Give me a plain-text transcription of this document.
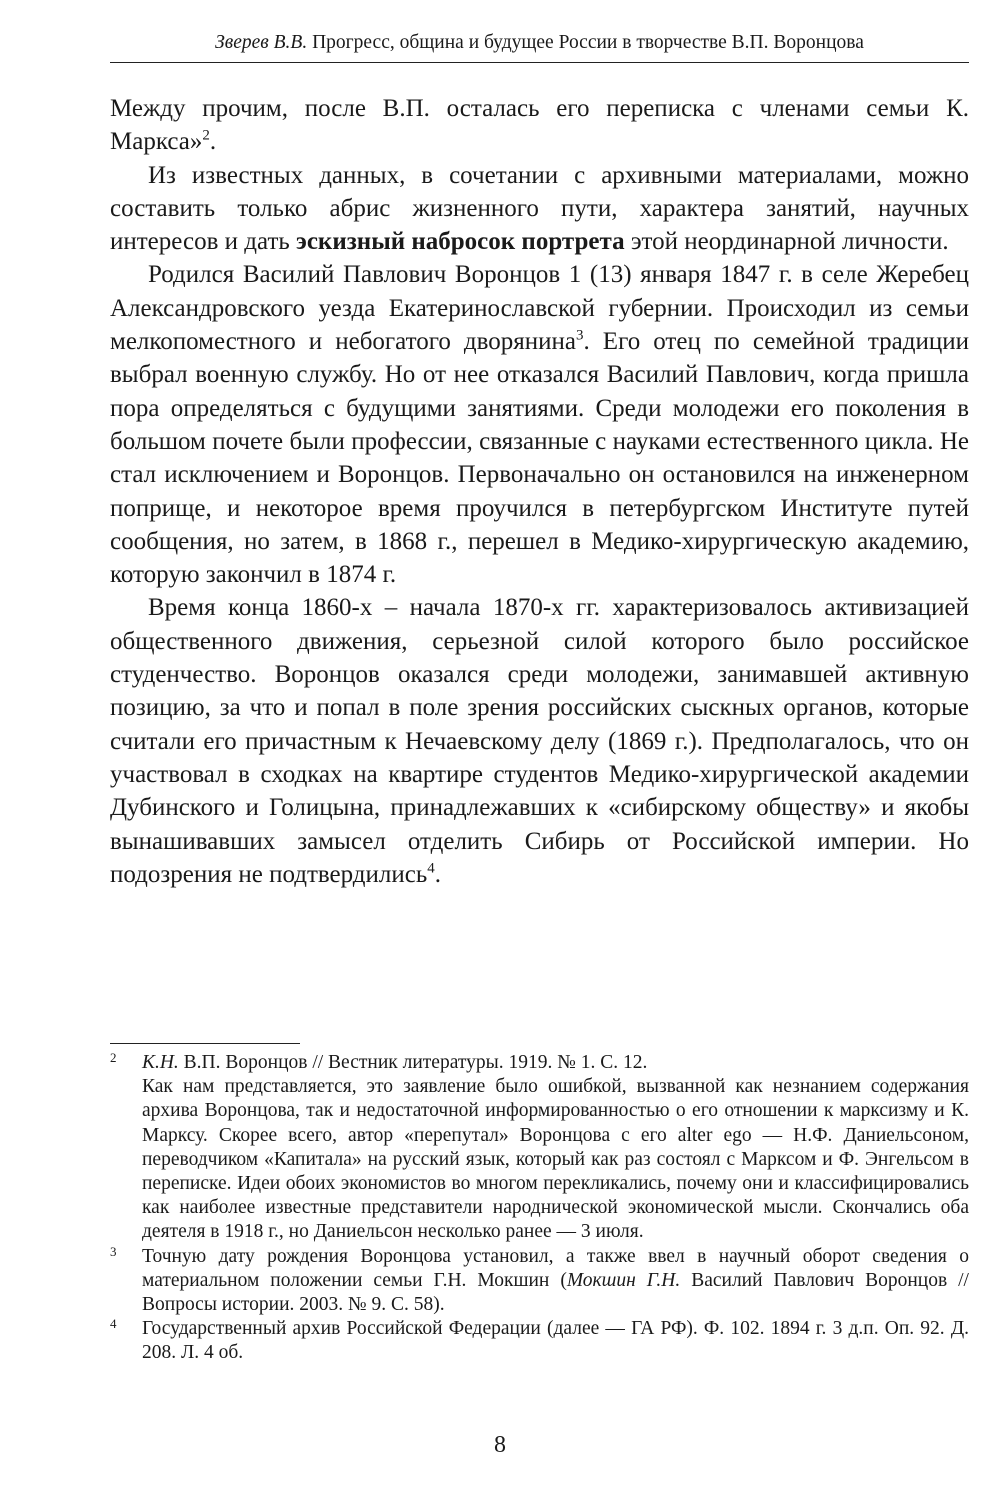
Зверев В.В. Прогресс, община и будущее России в творчестве В.П. Воронцова

Между прочим, после В.П. осталась его переписка с членами семьи К. Маркса»$^2$.

Из известных данных, в сочетании с архивными материалами, можно составить только абрис жизненного пути, характера занятий, научных интересов и дать эскизный набросок портрета этой неординарной личности.

Родился Василий Павлович Воронцов 1 (13) января 1847 г. в селе Жеребец Александровского уезда Екатеринославской губернии. Происходил из семьи мелкопоместного и небогатого дворянина$^3$. Его отец по семейной традиции выбрал военную службу. Но от нее отказался Василий Павлович, когда пришла пора определяться с будущими занятиями. Среди молодежи его поколения в большом почете были профессии, связанные с науками естественного цикла. Не стал исключением и Воронцов. Первоначально он остановился на инженерном поприще, и некоторое время проучился в петербургском Институте путей сообщения, но затем, в 1868 г., перешел в Медико-хирургическую академию, которую закончил в 1874 г.

Время конца 1860-х – начала 1870-х гг. характеризовалось активизацией общественного движения, серьезной силой которого было российское студенчество. Воронцов оказался среди молодежи, занимавшей активную позицию, за что и попал в поле зрения российских сыскных органов, которые считали его причастным к Нечаевскому делу (1869 г.). Предполагалось, что он участвовал в сходках на квартире студентов Медико-хирургической академии Дубинского и Голицына, принадлежавших к «сибирскому обществу» и якобы вынашивавших замысел отделить Сибирь от Российской империи. Но подозрения не подтвердились$^4$.

2 К.Н. В.П. Воронцов // Вестник литературы. 1919. № 1. С. 12.
Как нам представляется, это заявление было ошибкой, вызванной как незнанием содержания архива Воронцова, так и недостаточной информированностью о его отношении к марксизму и К. Марксу. Скорее всего, автор «перепутал» Воронцова с его alter ego — Н.Ф. Даниельсоном, переводчиком «Капитала» на русский язык, который как раз состоял с Марксом и Ф. Энгельсом в переписке. Идеи обоих экономистов во многом перекликались, почему они и классифицировались как наиболее известные представители народнической экономической мысли. Скончались оба деятеля в 1918 г., но Даниельсон несколько ранее — 3 июля.
3 Точную дату рождения Воронцова установил, а также ввел в научный оборот сведения о материальном положении семьи Г.Н. Мокшин (Мокшин Г.Н. Василий Павлович Воронцов // Вопросы истории. 2003. № 9. С. 58).
4 Государственный архив Российской Федерации (далее — ГА РФ). Ф. 102. 1894 г. 3 д.п. Оп. 92. Д. 208. Л. 4 об.
8
